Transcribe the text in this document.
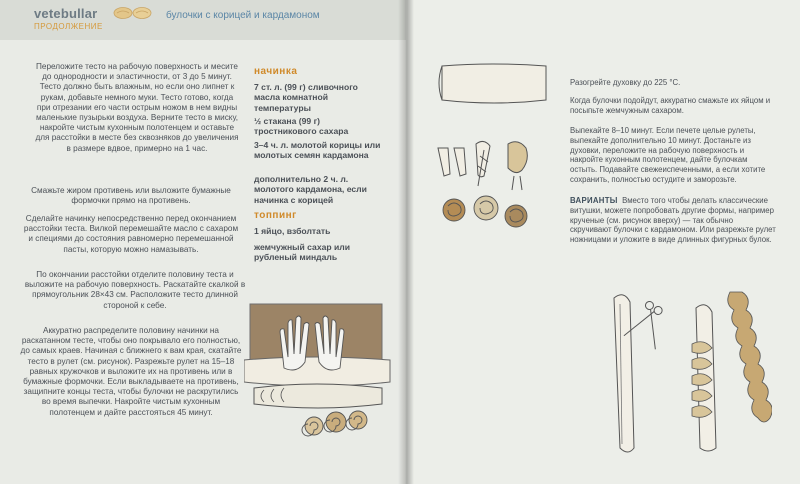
vetebullar
ПРОДОЛЖЕНИЕ
булочки с корицей и кардамоном
Переложите тесто на рабочую поверхность и месите до однородности и эластичности, от 3 до 5 минут. Тесто должно быть влажным, но если оно липнет к рукам, добавьте немного муки. Тесто готово, когда при отрезании его части острым ножом в нем видны маленькие пузырьки воздуха. Верните тесто в миску, накройте чистым кухонным полотенцем и оставьте для расстойки в месте без сквозняков до увеличения в размере вдвое, примерно на 1 час.
Смажьте жиром противень или выложите бумажные формочки прямо на противень.
Сделайте начинку непосредственно перед окончанием расстойки теста. Вилкой перемешайте масло с сахаром и специями до состояния равномерно перемешанной пасты, которую можно намазывать.
По окончании расстойки отделите половину теста и выложите на рабочую поверхность. Раскатайте скалкой в прямоугольник 28×43 см. Расположите тесто длинной стороной к себе.
Аккуратно распределите половину начинки на раскатанном тесте, чтобы оно покрывало его полностью, до самых краев. Начиная с ближнего к вам края, скатайте тесто в рулет (см. рисунок). Разрежьте рулет на 15–18 равных кружочков и выложите их на противень или в бумажные формочки. Если выкладываете на противень, защипните концы теста, чтобы булочки не раскрутились во время выпечки. Накройте чистым кухонным полотенцем и дайте расстояться 45 минут.
начинка
7 ст. л. (99 г) сливочного масла комнатной температуры
½ стакана (99 г) тростникового сахара
3–4 ч. л. молотой корицы или молотых семян кардамона
дополнительно 2 ч. л. молотого кардамона, если начинка с корицей
топпинг
1 яйцо, взболтать
жемчужный сахар или рубленый миндаль
Разогрейте духовку до 225 °C.
Когда булочки подойдут, аккуратно смажьте их яйцом и посыпьте жемчужным сахаром.
Выпекайте 8–10 минут. Если печете целые рулеты, выпекайте дополнительно 10 минут. Достаньте из духовки, переложите на рабочую поверхность и накройте кухонным полотенцем, дайте булочкам остыть. Подавайте свежеиспеченными, а если хотите сохранить, полностью остудите и заморозьте.
ВАРИАНТЫ Вместо того чтобы делать классические витушки, можете попробовать другие формы, например крученые (см. рисунок вверху) — так обычно скручивают булочки с кардамоном. Или разрежьте рулет ножницами и уложите в виде длинных фигурных булок.
